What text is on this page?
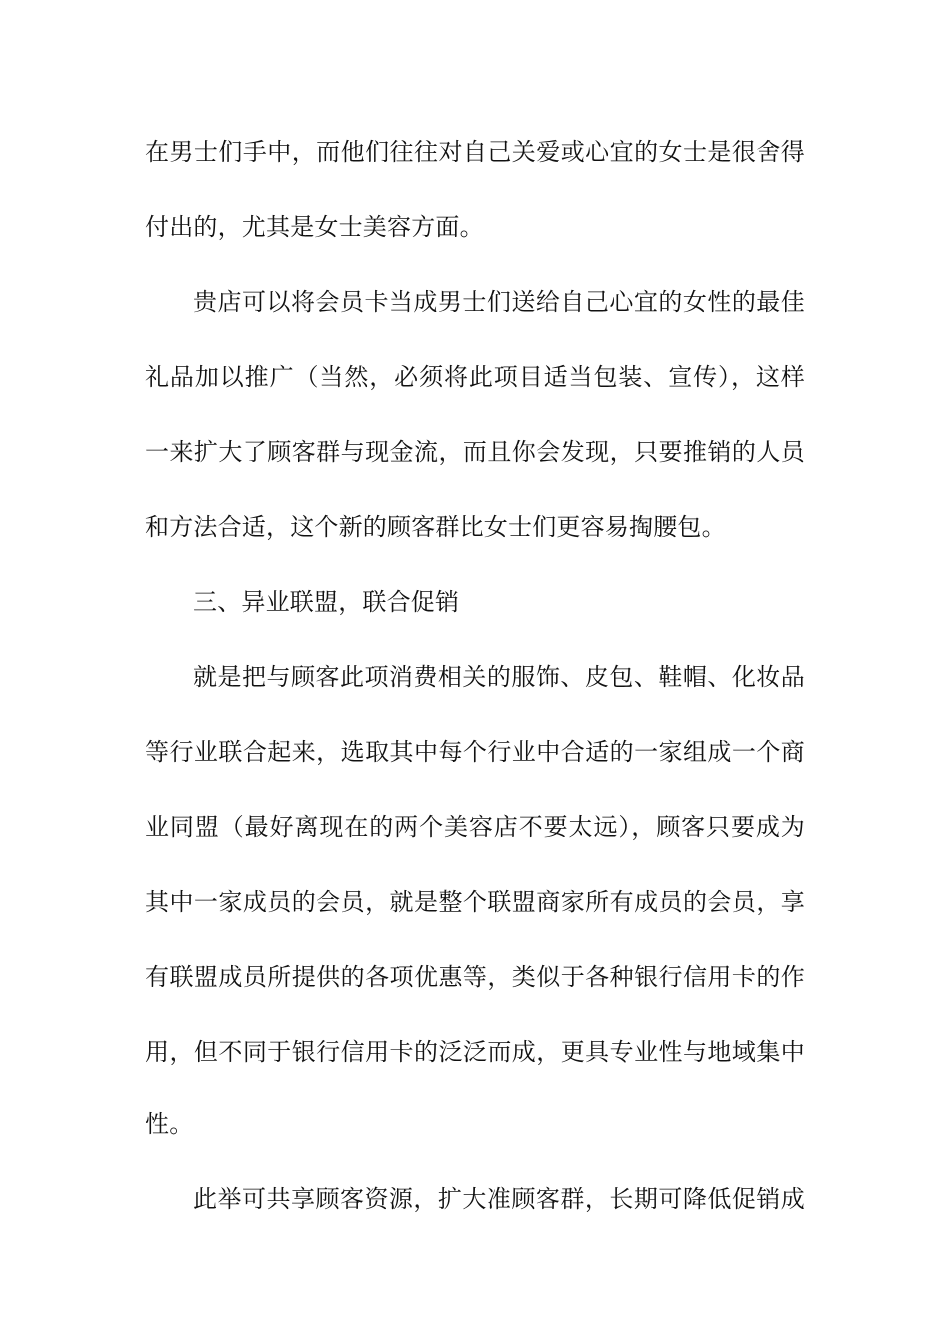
在男士们手中，而他们往往对自己关爱或心宜的女士是很舍得
付出的，尤其是女士美容方面。
贵店可以将会员卡当成男士们送给自己心宜的女性的最佳
礼品加以推广（当然，必须将此项目适当包装、宣传），这样
一来扩大了顾客群与现金流，而且你会发现，只要推销的人员
和方法合适，这个新的顾客群比女士们更容易掏腰包。
三、异业联盟，联合促销
就是把与顾客此项消费相关的服饰、皮包、鞋帽、化妆品
等行业联合起来，选取其中每个行业中合适的一家组成一个商
业同盟（最好离现在的两个美容店不要太远），顾客只要成为
其中一家成员的会员，就是整个联盟商家所有成员的会员，享
有联盟成员所提供的各项优惠等，类似于各种银行信用卡的作
用，但不同于银行信用卡的泛泛而成，更具专业性与地域集中
性。
此举可共享顾客资源，扩大准顾客群，长期可降低促销成
